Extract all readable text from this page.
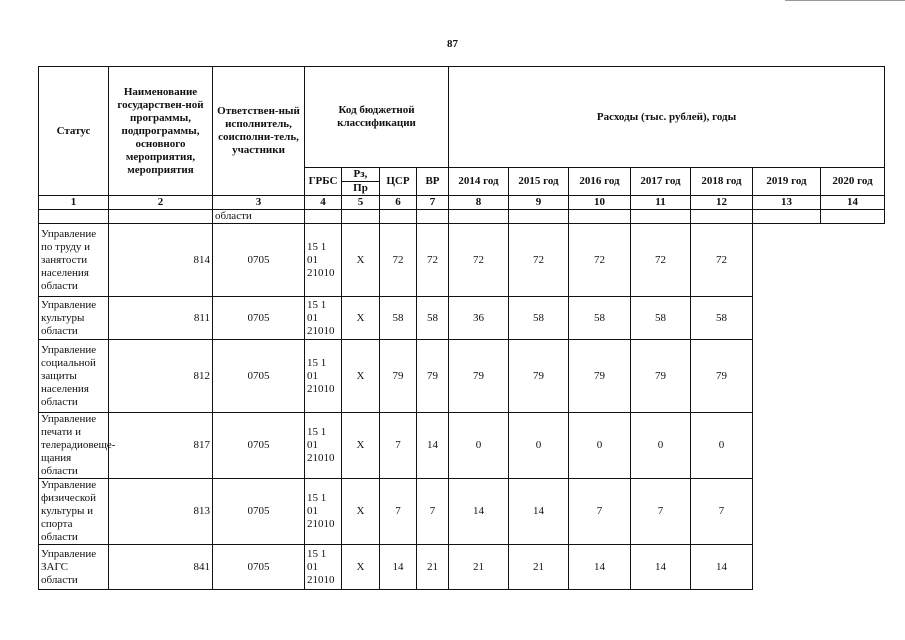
87
Статус	Наименование государствен-ной программы, подпрограммы, основного мероприятия, мероприятия	Ответствен-ный исполнитель, соисполни-тель, участники	Код бюджетной классификации				Расходы (тыс. рублей), годы						
			ГРБС	Рз,
Пр	ЦСР	ВР	2014 год	2015 год	2016 год	2017 год	2018 год	2019 год	2020 год
1	2	3	4	5	6	7	8	9	10	11	12	13	14
		области											
Управление по труду и занятости населения области	814	0705	15 1
01
21010	Х	72	72	72	72	72	72	72		
Управление культуры области	811	0705	15 1
01
21010	Х	58	58	36	58	58	58	58		
Управление социальной защиты населения области	812	0705	15 1
01
21010	Х	79	79	79	79	79	79	79		
Управление печати и телерадиовеще-щания области	817	0705	15 1
01
21010	Х	7	14	0	0	0	0	0		
Управление физической культуры и спорта области	813	0705	15 1
01
21010	Х	7	7	14	14	7	7	7		
Управление ЗАГС области	841	0705	15 1
01
21010	Х	14	21	21	21	14	14	14		
